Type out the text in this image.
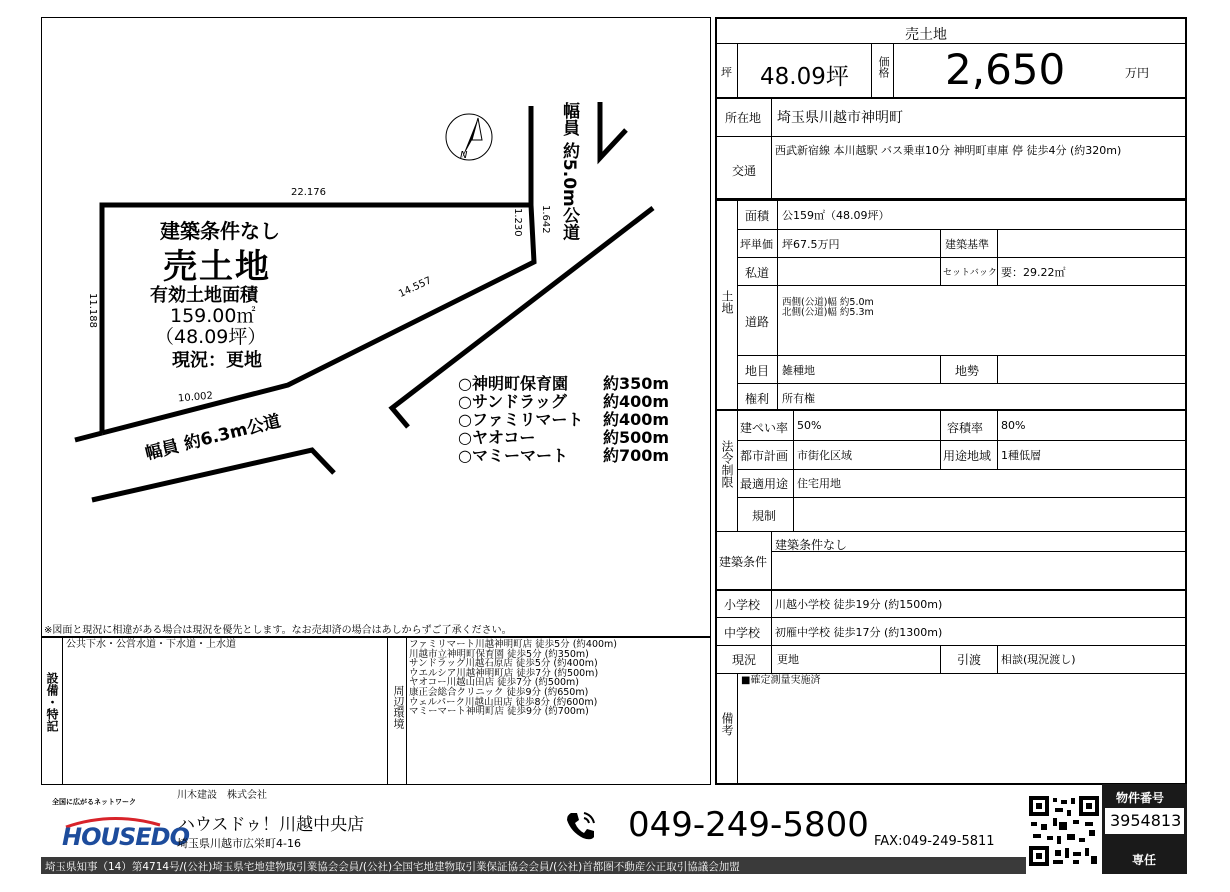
N
22.176
11.188
10.002
14.557
1.230 1.642
建築条件なし
売土地
有効土地面積
159.00㎡
（48.09坪）
現況：更地
幅員 約6.3m公道
幅員 約5.0m公道
○神明町保育園 約350m
○サンドラッグ 約400m
○ファミリマート 約400m
○ヤオコー	約500m
○マミーマート 約700m
※図面と現況に相違がある場合は現況を優先とします。なお売却済の場合はあしからずご了承ください。
設備・特記
公共下水・公営水道・下水道・上水道
周辺環境
ファミリマート川越神明町店 徒歩5分 (約400m)
川越市立神明町保育園 徒歩5分 (約350m)
サンドラッグ川越石原店 徒歩5分 (約400m)
ウエルシア川越神明町店 徒歩7分 (約500m)
ヤオコー川越山田店 徒歩7分 (約500m)
康正会総合クリニック 徒歩9分 (約650m)
ウェルパーク川越山田店 徒歩8分 (約600m)
マミーマート神明町店 徒歩9分 (約700m)
売土地
坪 48.09坪	価格 2,650	万円
所在地 埼玉県川越市神明町
交通
西武新宿線 本川越駅 バス乗車10分 神明町車庫 停 徒歩4分 (約320m)
土地
面積 公159㎡（48.09坪）
坪単価 坪67.5万円	建築基準
私道	セットバック 要：29.22㎡
道路
西側(公道)幅 約5.0m
北側(公道)幅 約5.3m
地目 雑種地	地勢
権利 所有権
法令制限
建ぺい率 50%	容積率 80%
都市計画 市街化区域	用途地域 1種低層
最適用途 住宅用地
規制
建築条件
建築条件なし
小学校 川越小学校 徒歩19分 (約1500m)
中学校 初雁中学校 徒歩17分 (約1300m)
現況 更地	引渡 相談(現況渡し)
備考
■確定測量実施済
全国に広がるネットワーク
川木建設　株式会社
HOUSEDO
ハウスドゥ！川越中央店
埼玉県川越市広栄町4-16	049-249-5800 FAX:049-249-5811
物件番号
3954813
専任
埼玉県知事（14）第4714号/(公社)埼玉県宅地建物取引業協会会員/(公社)全国宅地建物取引業保証協会会員/(公社)首都圏不動産公正取引協議会加盟
